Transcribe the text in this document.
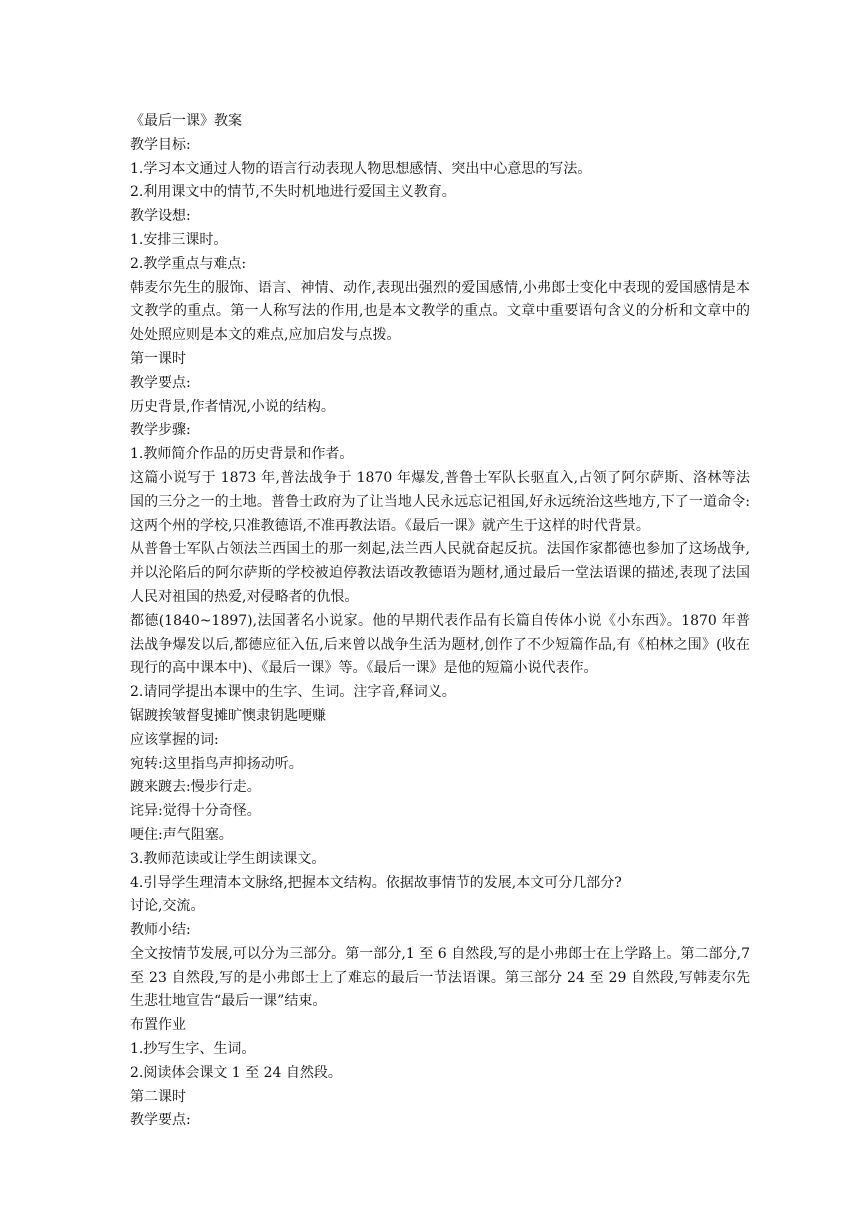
《最后一课》教案
教学目标:
1.学习本文通过人物的语言行动表现人物思想感情、突出中心意思的写法。
2.利用课文中的情节,不失时机地进行爱国主义教育。
教学设想:
1.安排三课时。
2.教学重点与难点:
韩麦尔先生的服饰、语言、神情、动作,表现出强烈的爱国感情,小弗郎士变化中表现的爱国感情是本文教学的重点。第一人称写法的作用,也是本文教学的重点。文章中重要语句含义的分析和文章中的处处照应则是本文的难点,应加启发与点拨。
第一课时
教学要点:
历史背景,作者情况,小说的结构。
教学步骤:
1.教师简介作品的历史背景和作者。
这篇小说写于 1873 年,普法战争于 1870 年爆发,普鲁士军队长驱直入,占领了阿尔萨斯、洛林等法国的三分之一的土地。普鲁士政府为了让当地人民永远忘记祖国,好永远统治这些地方,下了一道命令:这两个州的学校,只准教德语,不准再教法语。《最后一课》就产生于这样的时代背景。
从普鲁士军队占领法兰西国土的那一刻起,法兰西人民就奋起反抗。法国作家都德也参加了这场战争,并以沦陷后的阿尔萨斯的学校被迫停教法语改教德语为题材,通过最后一堂法语课的描述,表现了法国人民对祖国的热爱,对侵略者的仇恨。
都德(1840~1897),法国著名小说家。他的早期代表作品有长篇自传体小说《小东西》。1870 年普法战争爆发以后,都德应征入伍,后来曾以战争生活为题材,创作了不少短篇作品,有《柏林之围》(收在现行的高中课本中)、《最后一课》等。《最后一课》是他的短篇小说代表作。
2.请同学提出本课中的生字、生词。注字音,释词义。
锯踱挨皱督叟摊旷懊隶钥匙哽赚
应该掌握的词:
宛转:这里指鸟声抑扬动听。
踱来踱去:慢步行走。
诧异:觉得十分奇怪。
哽住:声气阻塞。
3.教师范读或让学生朗读课文。
4.引导学生理清本文脉络,把握本文结构。依据故事情节的发展,本文可分几部分?
讨论,交流。
教师小结:
全文按情节发展,可以分为三部分。第一部分,1 至 6 自然段,写的是小弗郎士在上学路上。第二部分,7 至 23 自然段,写的是小弗郎士上了难忘的最后一节法语课。第三部分 24 至 29 自然段,写韩麦尔先生悲壮地宣告“最后一课”结束。
布置作业
1.抄写生字、生词。
2.阅读体会课文 1 至 24 自然段。
第二课时
教学要点:
